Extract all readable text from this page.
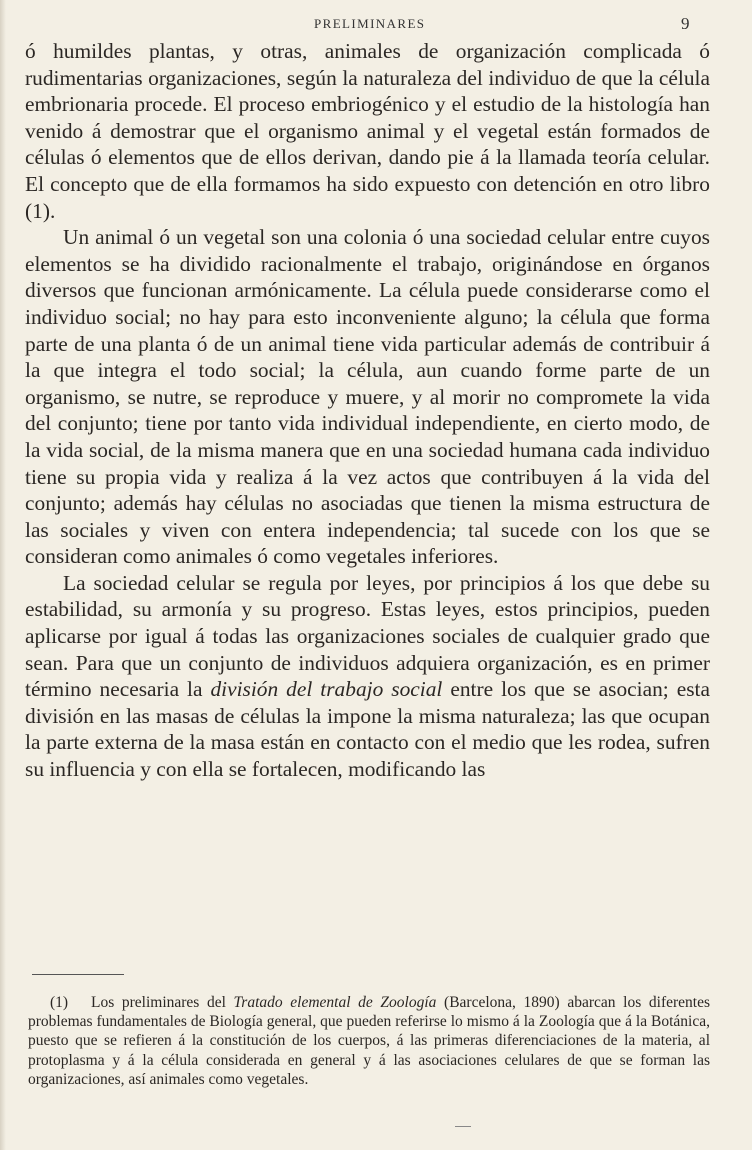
PRELIMINARES	9

ó humildes plantas, y otras, animales de organización complicada ó rudimentarias organizaciones, según la naturaleza del individuo de que la célula embrionaria procede. El proceso embriogénico y el estudio de la histología han venido á demostrar que el organismo animal y el vegetal están formados de células ó elementos que de ellos derivan, dando pie á la llamada teoría celular. El concepto que de ella formamos ha sido expuesto con detención en otro libro (1).

Un animal ó un vegetal son una colonia ó una sociedad celular entre cuyos elementos se ha dividido racionalmente el trabajo, originándose en órganos diversos que funcionan armónicamente. La célula puede considerarse como el individuo social; no hay para esto inconveniente alguno; la célula que forma parte de una planta ó de un animal tiene vida particular además de contribuir á la que integra el todo social; la célula, aun cuando forme parte de un organismo, se nutre, se reproduce y muere, y al morir no compromete la vida del conjunto; tiene por tanto vida individual independiente, en cierto modo, de la vida social, de la misma manera que en una sociedad humana cada individuo tiene su propia vida y realiza á la vez actos que contribuyen á la vida del conjunto; además hay células no asociadas que tienen la misma estructura de las sociales y viven con entera independencia; tal sucede con los que se consideran como animales ó como vegetales inferiores.

La sociedad celular se regula por leyes, por principios á los que debe su estabilidad, su armonía y su progreso. Estas leyes, estos principios, pueden aplicarse por igual á todas las organizaciones sociales de cualquier grado que sean. Para que un conjunto de individuos adquiera organización, es en primer término necesaria la división del trabajo social entre los que se asocian; esta división en las masas de células la impone la misma naturaleza; las que ocupan la parte externa de la masa están en contacto con el medio que les rodea, sufren su influencia y con ella se fortalecen, modificando las

(1) Los preliminares del Tratado elemental de Zoología (Barcelona, 1890) abarcan los diferentes problemas fundamentales de Biología general, que pueden referirse lo mismo á la Zoología que á la Botánica, puesto que se refieren á la constitución de los cuerpos, á las primeras diferenciaciones de la materia, al protoplasma y á la célula considerada en general y á las asociaciones celulares de que se forman las organizaciones, así animales como vegetales.
